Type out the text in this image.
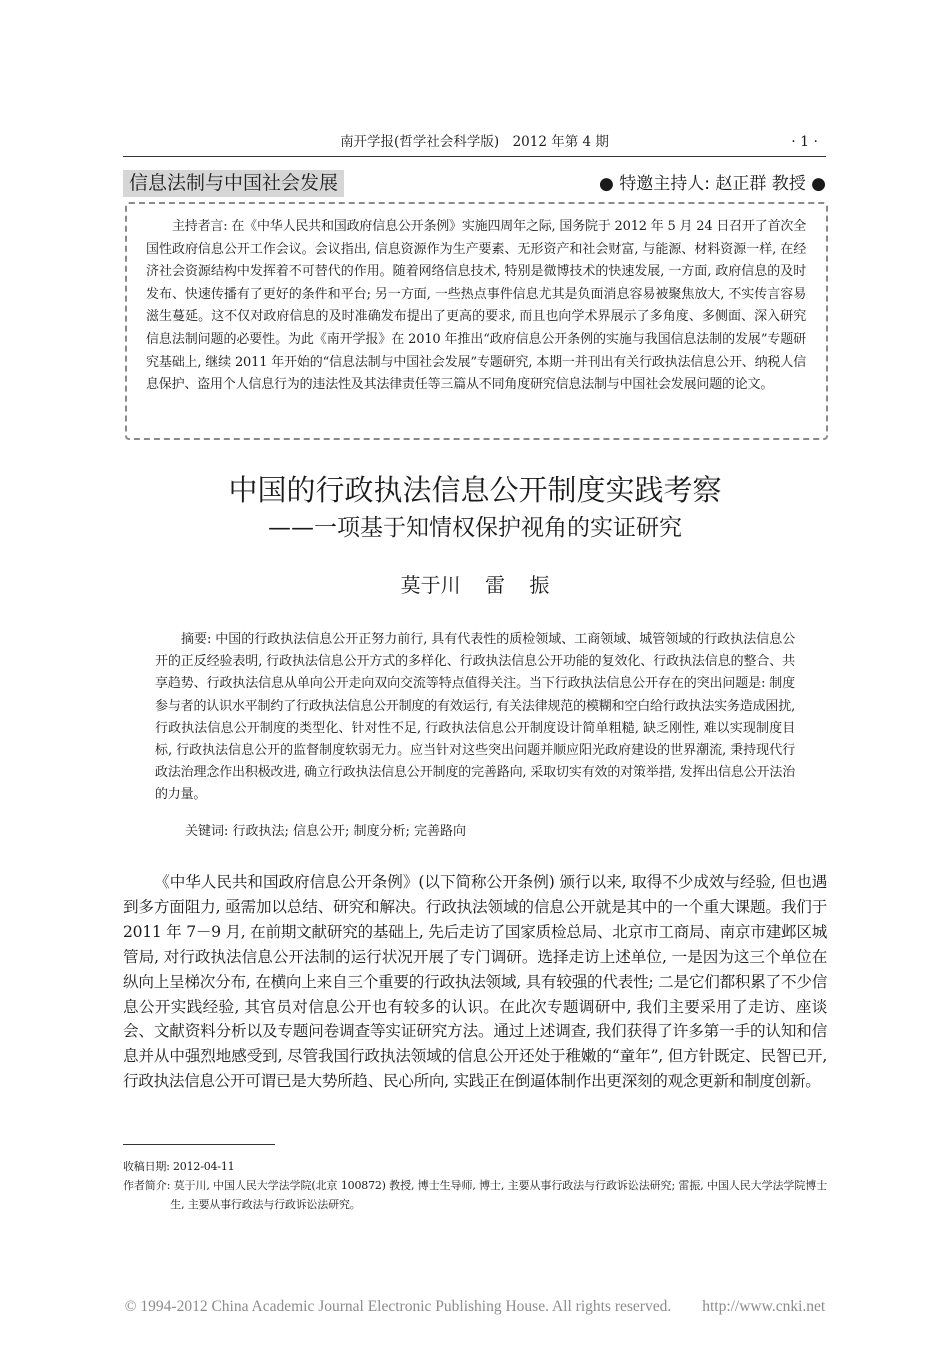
南开学报(哲学社会科学版)　2012 年第 4 期	· 1 ·
信息法制与中国社会发展	● 特邀主持人: 赵正群 教授 ●

主持者言: 在《中华人民共和国政府信息公开条例》实施四周年之际, 国务院于 2012 年 5 月 24 日召开了首次全国性政府信息公开工作会议。会议指出, 信息资源作为生产要素、无形资产和社会财富, 与能源、材料资源一样, 在经济社会资源结构中发挥着不可替代的作用。随着网络信息技术, 特别是微博技术的快速发展, 一方面, 政府信息的及时发布、快速传播有了更好的条件和平台; 另一方面, 一些热点事件信息尤其是负面消息容易被聚焦放大, 不实传言容易滋生蔓延。这不仅对政府信息的及时准确发布提出了更高的要求, 而且也向学术界展示了多角度、多侧面、深入研究信息法制问题的必要性。为此《南开学报》在 2010 年推出“政府信息公开条例的实施与我国信息法制的发展”专题研究基础上, 继续 2011 年开始的“信息法制与中国社会发展”专题研究, 本期一并刊出有关行政执法信息公开、纳税人信息保护、盗用个人信息行为的违法性及其法律责任等三篇从不同角度研究信息法制与中国社会发展问题的论文。

中国的行政执法信息公开制度实践考察
——一项基于知情权保护视角的实证研究
莫于川 雷 振

摘要: 中国的行政执法信息公开正努力前行, 具有代表性的质检领域、工商领域、城管领域的行政执法信息公开的正反经验表明, 行政执法信息公开方式的多样化、行政执法信息公开功能的复效化、行政执法信息的整合、共享趋势、行政执法信息从单向公开走向双向交流等特点值得关注。当下行政执法信息公开存在的突出问题是: 制度参与者的认识水平制约了行政执法信息公开制度的有效运行, 有关法律规范的模糊和空白给行政执法实务造成困扰, 行政执法信息公开制度的类型化、针对性不足, 行政执法信息公开制度设计简单粗糙, 缺乏刚性, 难以实现制度目标, 行政执法信息公开的监督制度软弱无力。应当针对这些突出问题并顺应阳光政府建设的世界潮流, 秉持现代行政法治理念作出积极改进, 确立行政执法信息公开制度的完善路向, 采取切实有效的对策举措, 发挥出信息公开法治的力量。

关键词: 行政执法; 信息公开; 制度分析; 完善路向

《中华人民共和国政府信息公开条例》(以下简称公开条例) 颁行以来, 取得不少成效与经验, 但也遇到多方面阻力, 亟需加以总结、研究和解决。行政执法领域的信息公开就是其中的一个重大课题。我们于 2011 年 7－9 月, 在前期文献研究的基础上, 先后走访了国家质检总局、北京市工商局、南京市建邺区城管局, 对行政执法信息公开法制的运行状况开展了专门调研。选择走访上述单位, 一是因为这三个单位在纵向上呈梯次分布, 在横向上来自三个重要的行政执法领域, 具有较强的代表性; 二是它们都积累了不少信息公开实践经验, 其官员对信息公开也有较多的认识。在此次专题调研中, 我们主要采用了走访、座谈会、文献资料分析以及专题问卷调查等实证研究方法。通过上述调查, 我们获得了许多第一手的认知和信息并从中强烈地感受到, 尽管我国行政执法领域的信息公开还处于稚嫩的“童年”, 但方针既定、民智已开, 行政执法信息公开可谓已是大势所趋、民心所向, 实践正在倒逼体制作出更深刻的观念更新和制度创新。

收稿日期: 2012-04-11

作者简介: 莫于川, 中国人民大学法学院(北京 100872) 教授, 博士生导师, 博士, 主要从事行政法与行政诉讼法研究; 雷振, 中国人民大学法学院博士生, 主要从事行政法与行政诉讼法研究。

© 1994-2012 China Academic Journal Electronic Publishing House. All rights reserved.　　http://www.cnki.net
